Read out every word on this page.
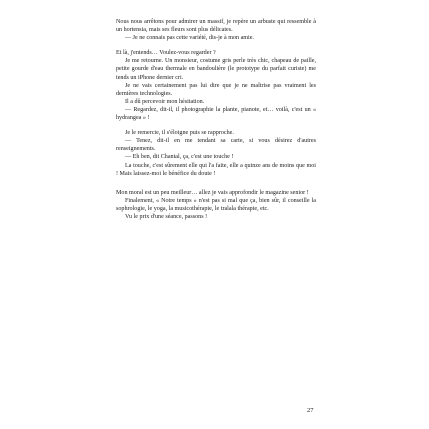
Nous nous arrêtons pour admirer un massif, je repère un arbuste qui ressemble à un hortensia, mais ses fleurs sont plus délicates.

— Je ne connais pas cette variété, dis-je à mon amie.

Et là, j'entends… Voulez-vous regarder ?

Je me retourne. Un monsieur, costume gris perle très chic, chapeau de paille, petite gourde d'eau thermale en bandoulière (le prototype du parfait curiste) me tends un iPhone dernier cri.

Je ne vais certainement pas lui dire que je ne maîtrise pas vraiment les dernières technologies.

Il a dû percevoir mon hésitation.

— Regardez, dit-il, il photographie la plante, pianote, et… voilà, c'est un « hydrangea » !

Je le remercie, il s'éloigne puis se rapproche.

— Tenez, dit-il en me tendant sa carte, si vous désirez d'autres renseignements.

— Eh ben, dit Chantal, ça, c'est une touche !

La touche, c'est sûrement elle qui l'a faite, elle a quinze ans de moins que moi ! Mais laissez-moi le bénéfice du doute !

Mon moral est un peu meilleur… allez je vais approfondir le magazine senior !

Finalement, « Notre temps » n'est pas si mal que ça, bien sûr, il conseille la sophrologie, le yoga, la musicothérapie, le tralala thérapie, etc.

Vu le prix d'une séance, passons !

27
